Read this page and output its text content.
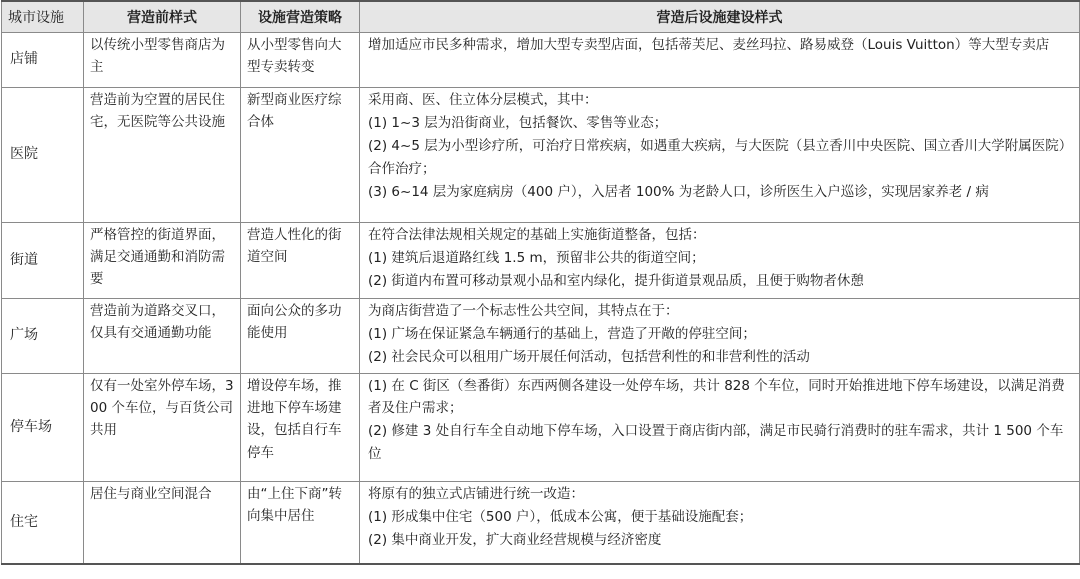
城市设施	营造前样式	设施营造策略	营造后设施建设样式
店铺	以传统小型零售商店为主	从小型零售向大型专卖转变	增加适应市民多种需求，增加大型专卖型店面，包括蒂芙尼、麦丝玛拉、路易威登（Louis Vuitton）等大型专卖店

医院	营造前为空置的居民住宅，无医院等公共设施	新型商业医疗综合体	采用商、医、住立体分层模式，其中：
(1) 1~3 层为沿街商业，包括餐饮、零售等业态；
(2) 4~5 层为小型诊疗所，可治疗日常疾病，如遇重大疾病，与大医院（县立香川中央医院、国立香川大学附属医院）合作治疗；
(3) 6~14 层为家庭病房（400 户），入居者 100% 为老龄人口，诊所医生入户巡诊，实现居家养老 / 病

街道	严格管控的街道界面，满足交通通勤和消防需要	营造人性化的街道空间	在符合法律法规相关规定的基础上实施街道整备，包括：
(1) 建筑后退道路红线 1.5 m，预留非公共的街道空间；
(2) 街道内布置可移动景观小品和室内绿化，提升街道景观品质，且便于购物者休憩

广场	营造前为道路交叉口，仅具有交通通勤功能	面向公众的多功能使用	为商店街营造了一个标志性公共空间，其特点在于：
(1) 广场在保证紧急车辆通行的基础上，营造了开敞的停驻空间；
(2) 社会民众可以租用广场开展任何活动，包括营利性的和非营利性的活动

停车场	仅有一处室外停车场，300 个车位，与百货公司共用	增设停车场，推进地下停车场建设，包括自行车停车	(1) 在 C 街区（叁番街）东西两侧各建设一处停车场，共计 828 个车位，同时开始推进地下停车场建设，以满足消费者及住户需求；
(2) 修建 3 处自行车全自动地下停车场，入口设置于商店街内部，满足市民骑行消费时的驻车需求，共计 1 500 个车位

住宅	居住与商业空间混合	由“上住下商”转向集中居住	将原有的独立式店铺进行统一改造：
(1) 形成集中住宅（500 户），低成本公寓，便于基础设施配套；
(2) 集中商业开发，扩大商业经营规模与经济密度
